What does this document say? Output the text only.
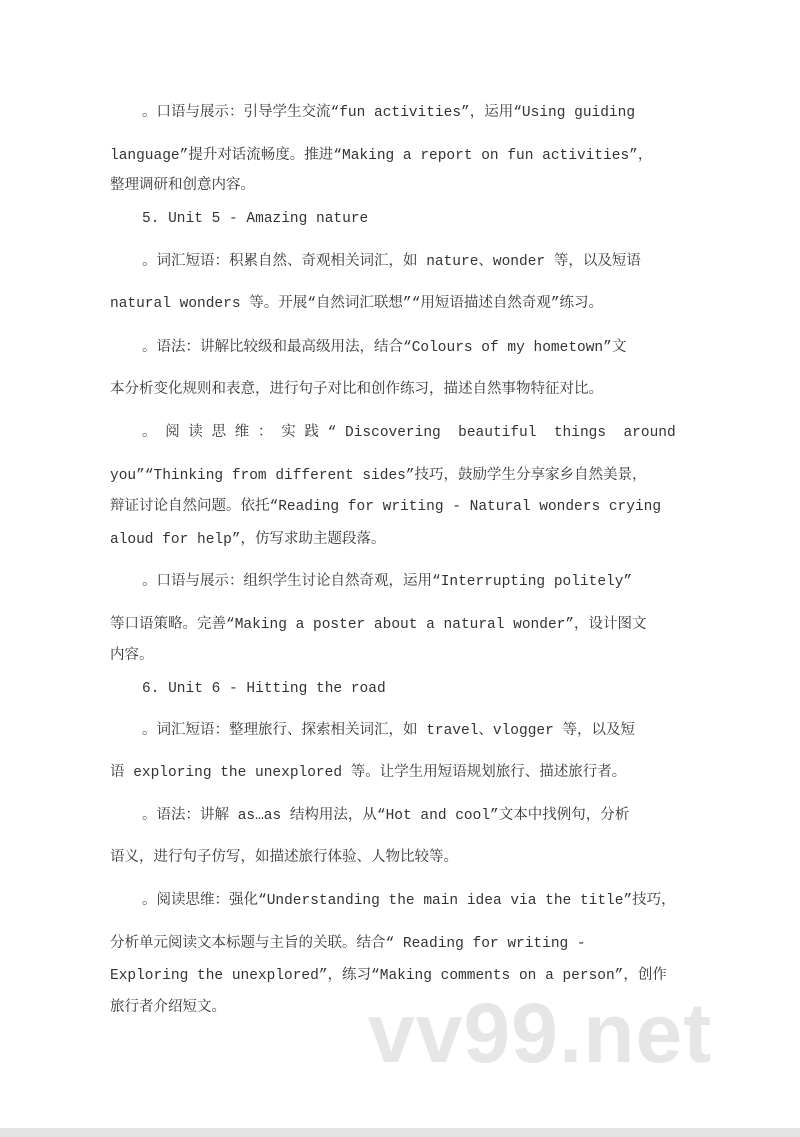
。口语与展示：引导学生交流“fun activities”，运用“Using guiding
language”提升对话流畅度。推进“Making a report on fun activities”，
整理调研和创意内容。
5. Unit 5 - Amazing nature
。词汇短语：积累自然、奇观相关词汇，如 nature、wonder 等，以及短语
natural wonders 等。开展“自然词汇联想”“用短语描述自然奇观”练习。
。语法：讲解比较级和最高级用法，结合“Colours of my hometown”文
本分析变化规则和表意，进行句子对比和创作练习，描述自然事物特征对比。
。 阅 读 思 维 ： 实 践 “ Discovering  beautiful  things  around
you”“Thinking from different sides”技巧，鼓励学生分享家乡自然美景，
辩证讨论自然问题。依托“Reading for writing - Natural wonders crying
aloud for help”，仿写求助主题段落。
。口语与展示：组织学生讨论自然奇观，运用“Interrupting politely”
等口语策略。完善“Making a poster about a natural wonder”，设计图文
内容。
6. Unit 6 - Hitting the road
。词汇短语：整理旅行、探索相关词汇，如 travel、vlogger 等，以及短
语 exploring the unexplored 等。让学生用短语规划旅行、描述旅行者。
。语法：讲解 as…as 结构用法，从“Hot and cool”文本中找例句，分析
语义，进行句子仿写，如描述旅行体验、人物比较等。
。阅读思维：强化“Understanding the main idea via the title”技巧，
分析单元阅读文本标题与主旨的关联。结合“ Reading for writing -
Exploring the unexplored”，练习“Making comments on a person”，创作
旅行者介绍短文。 vv99.net
